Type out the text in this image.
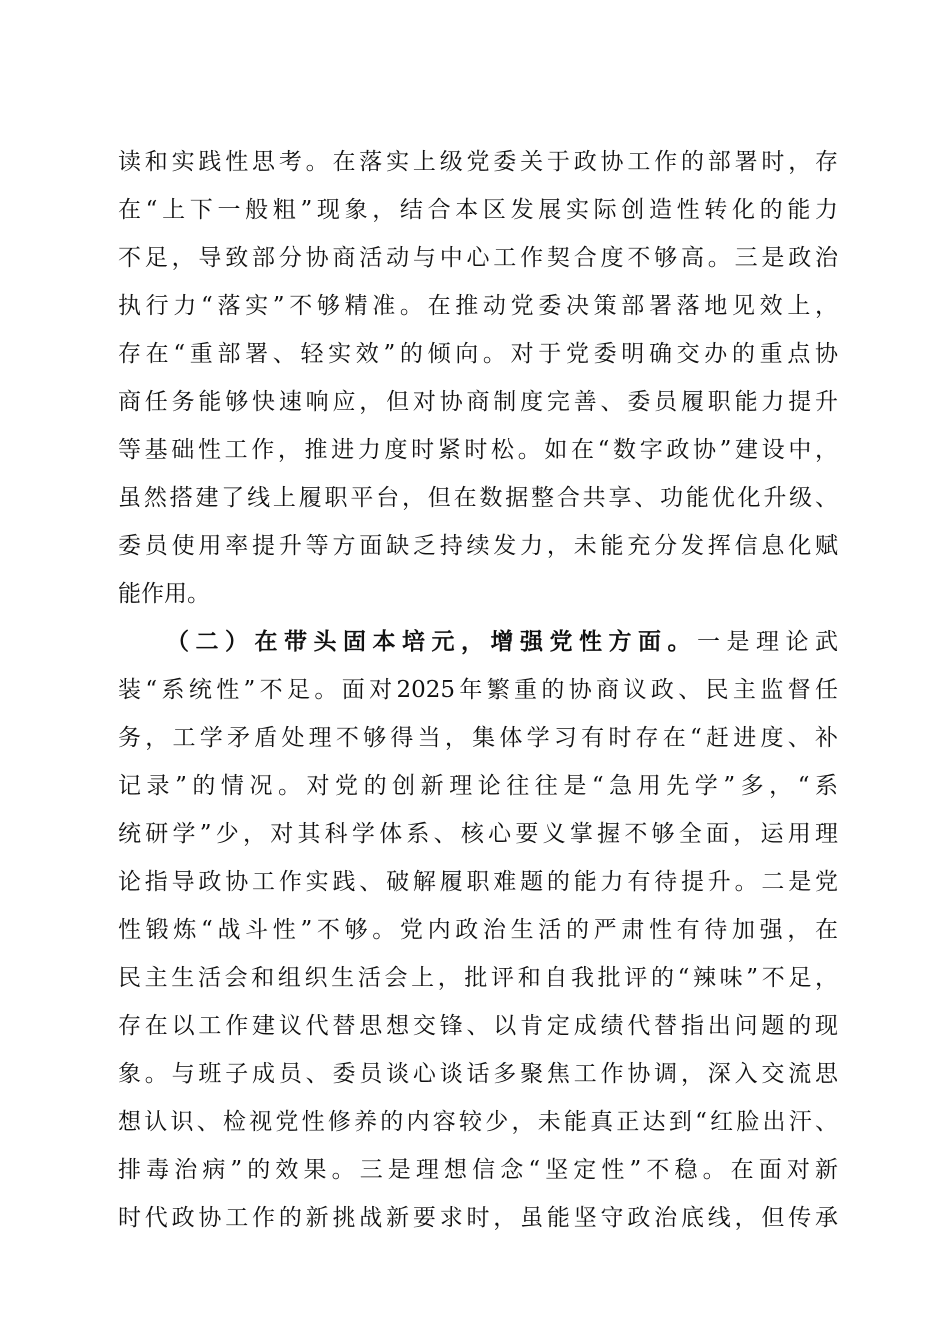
读和实践性思考。在落实上级党委关于政协工作的部署时，存
在“上下一般粗”现象，结合本区发展实际创造性转化的能力
不足，导致部分协商活动与中心工作契合度不够高。三是政治
执行力“落实”不够精准。在推动党委决策部署落地见效上，
存在“重部署、轻实效”的倾向。对于党委明确交办的重点协
商任务能够快速响应，但对协商制度完善、委员履职能力提升
等基础性工作，推进力度时紧时松。如在“数字政协”建设中，
虽然搭建了线上履职平台，但在数据整合共享、功能优化升级、
委员使用率提升等方面缺乏持续发力，未能充分发挥信息化赋
能作用。
（二）在带头固本培元，增强党性方面。一是理论武
装“系统性”不足。面对2025年繁重的协商议政、民主监督任
务，工学矛盾处理不够得当，集体学习有时存在“赶进度、补
记录”的情况。对党的创新理论往往是“急用先学”多，“系
统研学”少，对其科学体系、核心要义掌握不够全面，运用理
论指导政协工作实践、破解履职难题的能力有待提升。二是党
性锻炼“战斗性”不够。党内政治生活的严肃性有待加强，在
民主生活会和组织生活会上，批评和自我批评的“辣味”不足，
存在以工作建议代替思想交锋、以肯定成绩代替指出问题的现
象。与班子成员、委员谈心谈话多聚焦工作协调，深入交流思
想认识、检视党性修养的内容较少，未能真正达到“红脸出汗、
排毒治病”的效果。三是理想信念“坚定性”不稳。在面对新
时代政协工作的新挑战新要求时，虽能坚守政治底线，但传承
